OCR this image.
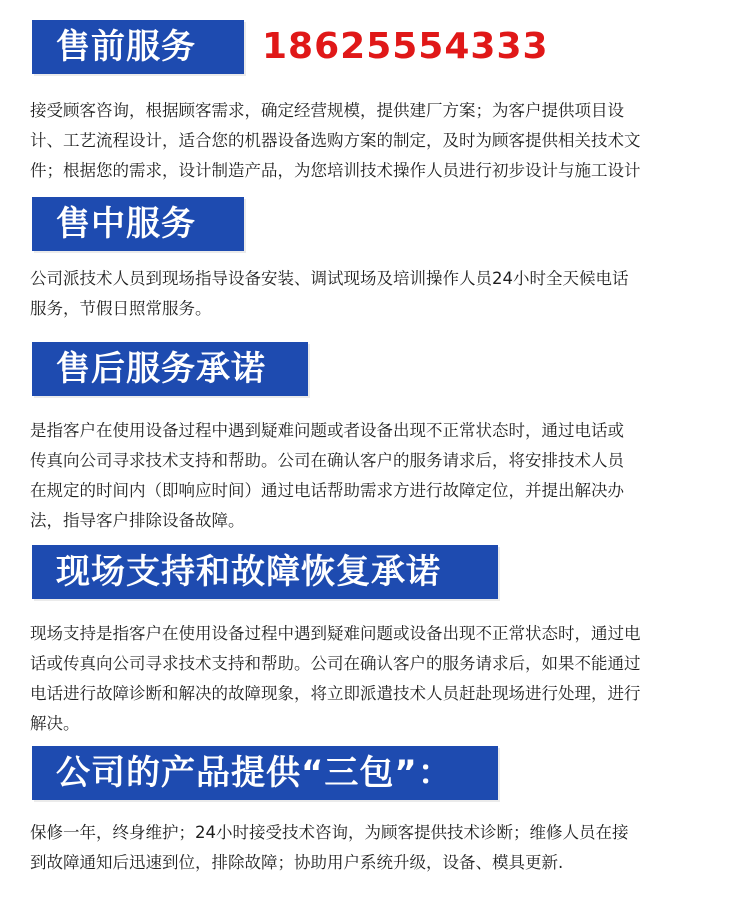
售前服务 18625554333

接受顾客咨询，根据顾客需求，确定经营规模，提供建厂方案；为客户提供项目设
计、工艺流程设计，适合您的机器设备选购方案的制定，及时为顾客提供相关技术文
件；根据您的需求，设计制造产品，为您培训技术操作人员进行初步设计与施工设计

售中服务

公司派技术人员到现场指导设备安装、调试现场及培训操作人员24小时全天候电话
服务，节假日照常服务。

售后服务承诺

是指客户在使用设备过程中遇到疑难问题或者设备出现不正常状态时，通过电话或
传真向公司寻求技术支持和帮助。公司在确认客户的服务请求后，将安排技术人员
在规定的时间内（即响应时间）通过电话帮助需求方进行故障定位，并提出解决办
法，指导客户排除设备故障。

现场支持和故障恢复承诺

现场支持是指客户在使用设备过程中遇到疑难问题或设备出现不正常状态时，通过电
话或传真向公司寻求技术支持和帮助。公司在确认客户的服务请求后，如果不能通过
电话进行故障诊断和解决的故障现象，将立即派遣技术人员赶赴现场进行处理，进行
解决。

公司的产品提供“三包”：

保修一年，终身维护；24小时接受技术咨询，为顾客提供技术诊断；维修人员在接
到故障通知后迅速到位，排除故障；协助用户系统升级，设备、模具更新.
